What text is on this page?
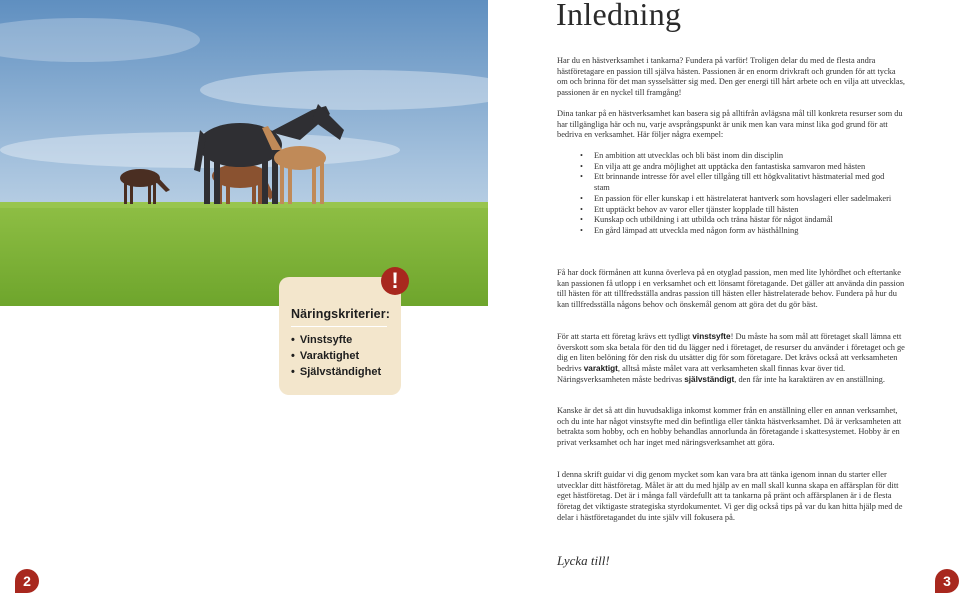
Näringskriterier:
• Vinstsyfte
• Varaktighet
• Självständighet
!
2
Inledning

Har du en hästverksamhet i tankarna? Fundera på varför! Troligen delar du med de flesta andra hästföretagare en passion till själva hästen. Passionen är en enorm drivkraft och grunden för att tycka om och brinna för det man sysselsätter sig med. Den ger energi till hårt arbete och en vilja att utvecklas, passionen är en nyckel till framgång!

Dina tankar på en hästverksamhet kan basera sig på alltifrån avlägsna mål till konkreta resurser som du har tillgängliga här och nu, varje avsprångspunkt är unik men kan vara minst lika god grund för att bedriva en verksamhet. Här följer några exempel:

• En ambition att utvecklas och bli bäst inom din disciplin
• En vilja att ge andra möjlighet att upptäcka den fantastiska samvaron med hästen
• Ett brinnande intresse för avel eller tillgång till ett högkvalitativt hästmaterial med god stam
• En passion för eller kunskap i ett hästrelaterat hantverk som hovslageri eller sadelmakeri
• Ett upptäckt behov av varor eller tjänster kopplade till hästen
• Kunskap och utbildning i att utbilda och träna hästar för något ändamål
• En gård lämpad att utveckla med någon form av hästhållning

Få har dock förmånen att kunna överleva på en otyglad passion, men med lite lyhördhet och eftertanke kan passionen få utlopp i en verksamhet och ett lönsamt företagande. Det gäller att använda din passion till hästen för att tillfredsställa andras passion till hästen eller hästrelaterade behov. Fundera på hur du kan tillfredsställa någons behov och önskemål genom att göra det du gör bäst.

För att starta ett företag krävs ett tydligt vinstsyfte! Du måste ha som mål att företaget skall lämna ett överskott som ska betala för den tid du lägger ned i företaget, de resurser du använder i företaget och ge dig en liten belöning för den risk du utsätter dig för som företagare. Det krävs också att verksamheten bedrivs varaktigt, alltså måste målet vara att verksamheten skall finnas kvar över tid. Näringsverksamheten måste bedrivas självständigt, den får inte ha karaktären av en anställning.

Kanske är det så att din huvudsakliga inkomst kommer från en anställning eller en annan verksamhet, och du inte har något vinstsyfte med din befintliga eller tänkta hästverksamhet. Då är verksamheten att betrakta som hobby, och en hobby behandlas annorlunda än företagande i skattesystemet. Hobby är en privat verksamhet och har inget med näringsverksamhet att göra.

I denna skrift guidar vi dig genom mycket som kan vara bra att tänka igenom innan du starter eller utvecklar ditt hästföretag. Målet är att du med hjälp av en mall skall kunna skapa en affärsplan för ditt eget hästföretag. Det är i många fall värdefullt att ta tankarna på pränt och affärsplanen är i de flesta företag det viktigaste strategiska styrdokumentet. Vi ger dig också tips på var du kan hitta hjälp med de delar i hästföretagandet du inte själv vill fokusera på.

Lycka till!

3
